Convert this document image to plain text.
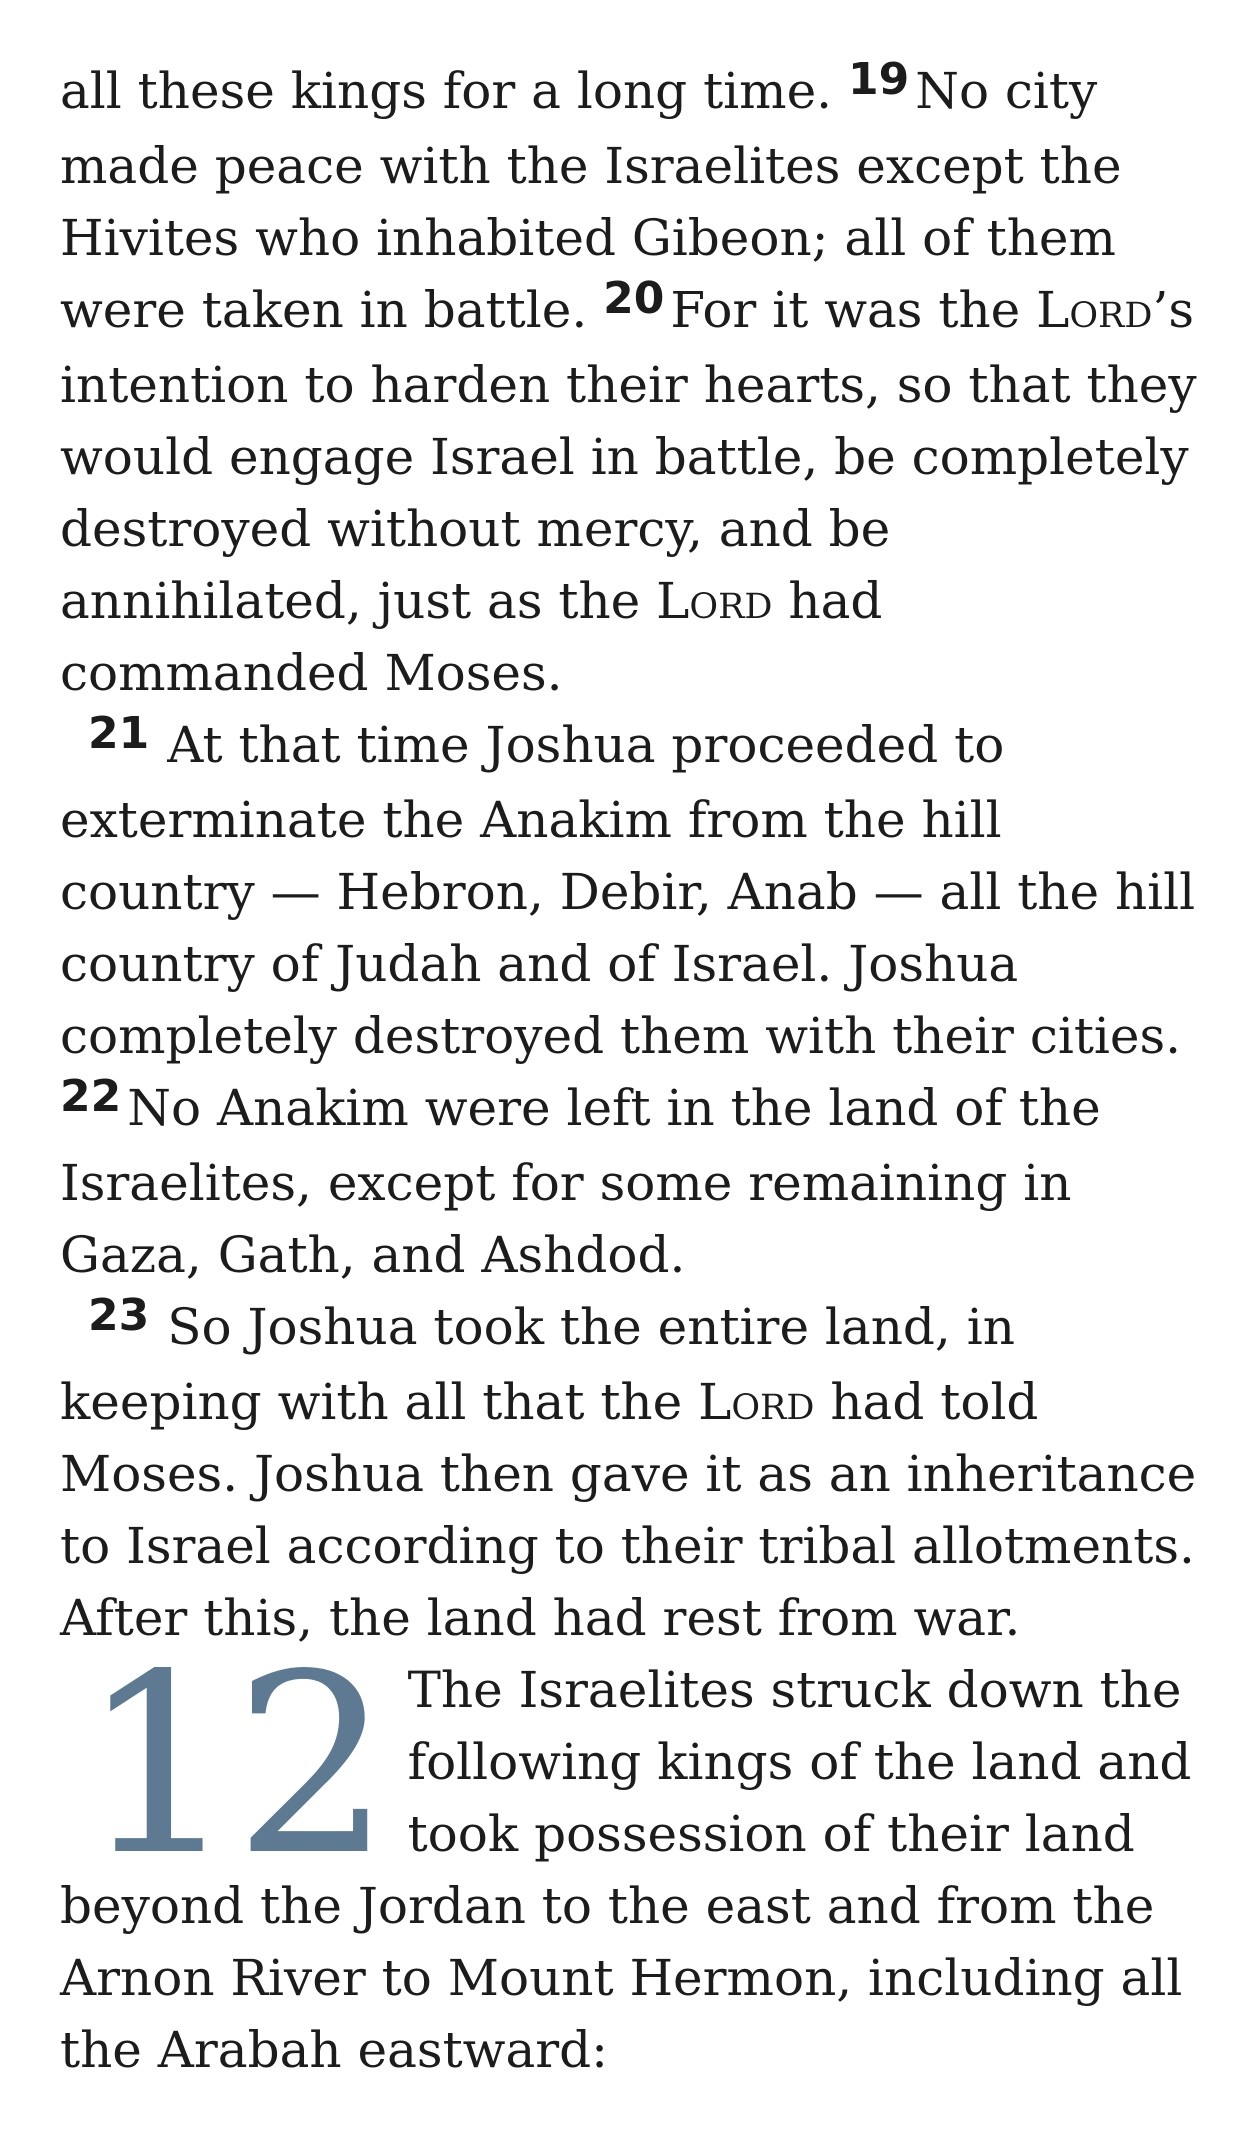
all these kings for a long time. 19 No city made peace with the Israelites except the Hivites who inhabited Gibeon; all of them were taken in battle. 20 For it was the Lord’s intention to harden their hearts, so that they would engage Israel in battle, be completely destroyed without mercy, and be annihilated, just as the Lord had commanded Moses.

21 At that time Joshua proceeded to exterminate the Anakim from the hill country — Hebron, Debir, Anab — all the hill country of Judah and of Israel. Joshua completely destroyed them with their cities. 22 No Anakim were left in the land of the Israelites, except for some remaining in Gaza, Gath, and Ashdod.

23 So Joshua took the entire land, in keeping with all that the Lord had told Moses. Joshua then gave it as an inheritance to Israel according to their tribal allotments. After this, the land had rest from war.

12 The Israelites struck down the following kings of the land and took possession of their land beyond the Jordan to the east and from the Arnon River to Mount Hermon, including all the Arabah eastward:
